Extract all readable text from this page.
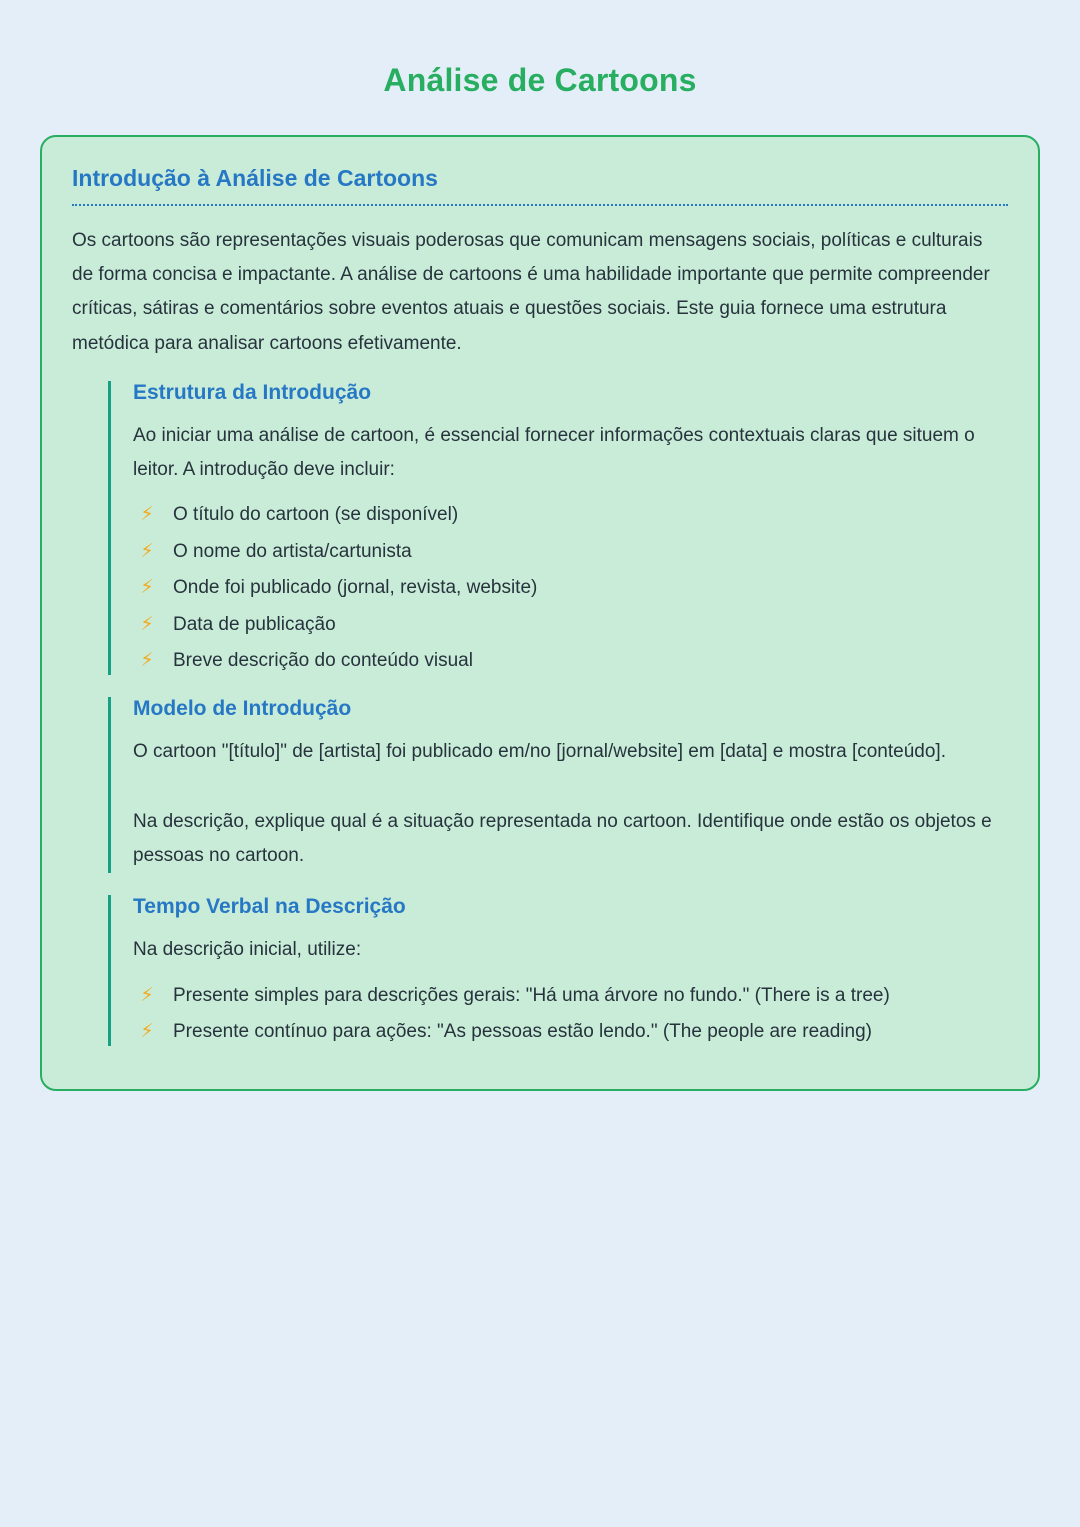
Análise de Cartoons
Introdução à Análise de Cartoons

Os cartoons são representações visuais poderosas que comunicam mensagens sociais, políticas e culturais de forma concisa e impactante. A análise de cartoons é uma habilidade importante que permite compreender críticas, sátiras e comentários sobre eventos atuais e questões sociais. Este guia fornece uma estrutura metódica para analisar cartoons efetivamente.

Estrutura da Introdução

Ao iniciar uma análise de cartoon, é essencial fornecer informações contextuais claras que situem o leitor. A introdução deve incluir:

⚡ O título do cartoon (se disponível)
⚡ O nome do artista/cartunista
⚡ Onde foi publicado (jornal, revista, website)
⚡ Data de publicação
⚡ Breve descrição do conteúdo visual
Modelo de Introdução

O cartoon "[título]" de [artista] foi publicado em/no [jornal/website] em [data] e mostra [conteúdo].

Na descrição, explique qual é a situação representada no cartoon. Identifique onde estão os objetos e pessoas no cartoon.

Tempo Verbal na Descrição

Na descrição inicial, utilize:

⚡ Presente simples para descrições gerais: "Há uma árvore no fundo." (There is a tree)
⚡ Presente contínuo para ações: "As pessoas estão lendo." (The people are reading)
